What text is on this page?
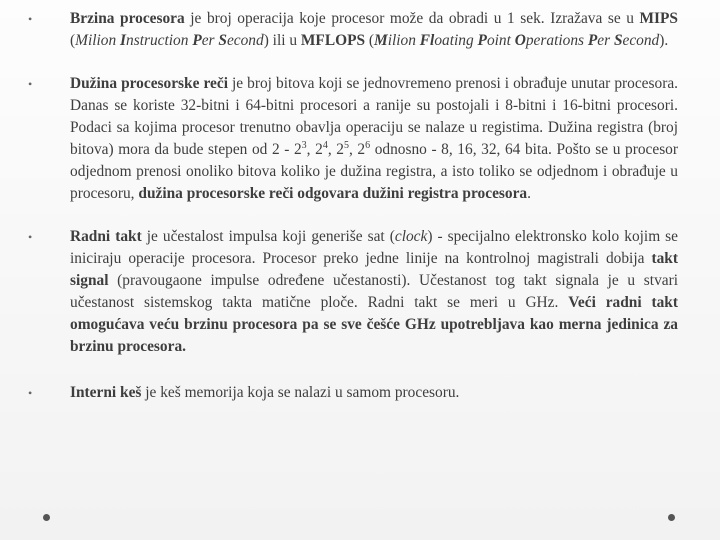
• Brzina procesora je broj operacija koje procesor može da obradi u 1 sek. Izražava se u MIPS (Milion Instruction Per Second) ili u MFLOPS (Milion Floating Point Operations Per Second).
• Dužina procesorske reči je broj bitova koji se jednovremeno prenosi i obrađuje unutar procesora. Danas se koriste 32-bitni i 64-bitni procesori a ranije su postojali i 8-bitni i 16-bitni procesori. Podaci sa kojima procesor trenutno obavlja operaciju se nalaze u registima. Dužina registra (broj bitova) mora da bude stepen od $2 - 2^3$, $2^4$, $2^5$, $2^6$ odnosno - 8, 16, 32, 64 bita. Pošto se u procesor odjednom prenosi onoliko bitova koliko je dužina registra, a isto toliko se odjednom i obrađuje u procesoru, dužina procesorske reči odgovara dužini registra procesora.
• Radni takt je učestalost impulsa koji generiše sat (clock) - specijalno elektronsko kolo kojim se iniciraju operacije procesora. Procesor preko jedne linije na kontrolnoj magistrali dobija takt signal (pravougaone impulse određene učestanosti). Učestanost tog takt signala je u stvari učestanost sistemskog takta matične ploče. Radni takt se meri u GHz. Veći radni takt omogućava veću brzinu procesora pa se sve češće GHz upotrebljava kao merna jedinica za brzinu procesora.
• Interni keš je keš memorija koja se nalazi u samom procesoru.
